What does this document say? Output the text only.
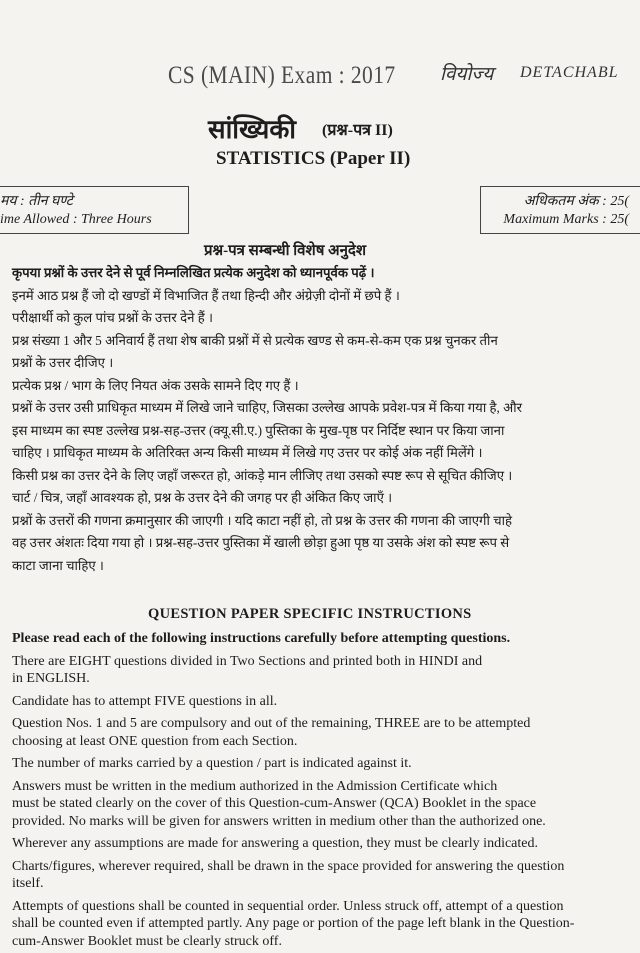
CS (MAIN) Exam : 2017 वियोज्य DETACHABL
सांख्यिकी (प्रश्न-पत्र II)
STATISTICS (Paper II)
मय : तीन घण्टे
ime Allowed : Three Hours
अधिकतम अंक : 25(
Maximum Marks : 25(
प्रश्न-पत्र सम्बन्धी विशेष अनुदेश

कृपया प्रश्नों के उत्तर देने से पूर्व निम्नलिखित प्रत्येक अनुदेश को ध्यानपूर्वक पढ़ें ।

इनमें आठ प्रश्न हैं जो दो खण्डों में विभाजित हैं तथा हिन्दी और अंग्रेज़ी दोनों में छपे हैं ।

परीक्षार्थी को कुल पांच प्रश्नों के उत्तर देने हैं ।

प्रश्न संख्या 1 और 5 अनिवार्य हैं तथा शेष बाकी प्रश्नों में से प्रत्येक खण्ड से कम-से-कम एक प्रश्न चुनकर तीन

प्रश्नों के उत्तर दीजिए ।

प्रत्येक प्रश्न / भाग के लिए नियत अंक उसके सामने दिए गए हैं ।

प्रश्नों के उत्तर उसी प्राधिकृत माध्यम में लिखे जाने चाहिए, जिसका उल्लेख आपके प्रवेश-पत्र में किया गया है, और

इस माध्यम का स्पष्ट उल्लेख प्रश्न-सह-उत्तर (क्यू.सी.ए.) पुस्तिका के मुख-पृष्ठ पर निर्दिष्ट स्थान पर किया जाना

चाहिए । प्राधिकृत माध्यम के अतिरिक्त अन्य किसी माध्यम में लिखे गए उत्तर पर कोई अंक नहीं मिलेंगे ।

किसी प्रश्न का उत्तर देने के लिए जहाँ जरूरत हो, आंकड़े मान लीजिए तथा उसको स्पष्ट रूप से सूचित कीजिए ।

चार्ट / चित्र, जहाँ आवश्यक हो, प्रश्न के उत्तर देने की जगह पर ही अंकित किए जाएँ ।

प्रश्नों के उत्तरों की गणना क्रमानुसार की जाएगी । यदि काटा नहीं हो, तो प्रश्न के उत्तर की गणना की जाएगी चाहे

वह उत्तर अंशतः दिया गया हो । प्रश्न-सह-उत्तर पुस्तिका में खाली छोड़ा हुआ पृष्ठ या उसके अंश को स्पष्ट रूप से

काटा जाना चाहिए ।

QUESTION PAPER SPECIFIC INSTRUCTIONS

Please read each of the following instructions carefully before attempting questions.

There are EIGHT questions divided in Two Sections and printed both in HINDI and

in ENGLISH.

Candidate has to attempt FIVE questions in all.

Question Nos. 1 and 5 are compulsory and out of the remaining, THREE are to be attempted

choosing at least ONE question from each Section.

The number of marks carried by a question / part is indicated against it.

Answers must be written in the medium authorized in the Admission Certificate which

must be stated clearly on the cover of this Question-cum-Answer (QCA) Booklet in the space

provided. No marks will be given for answers written in medium other than the authorized one.

Wherever any assumptions are made for answering a question, they must be clearly indicated.

Charts/figures, wherever required, shall be drawn in the space provided for answering the question

itself.

Attempts of questions shall be counted in sequential order. Unless struck off, attempt of a question

shall be counted even if attempted partly. Any page or portion of the page left blank in the Question-

cum-Answer Booklet must be clearly struck off.
